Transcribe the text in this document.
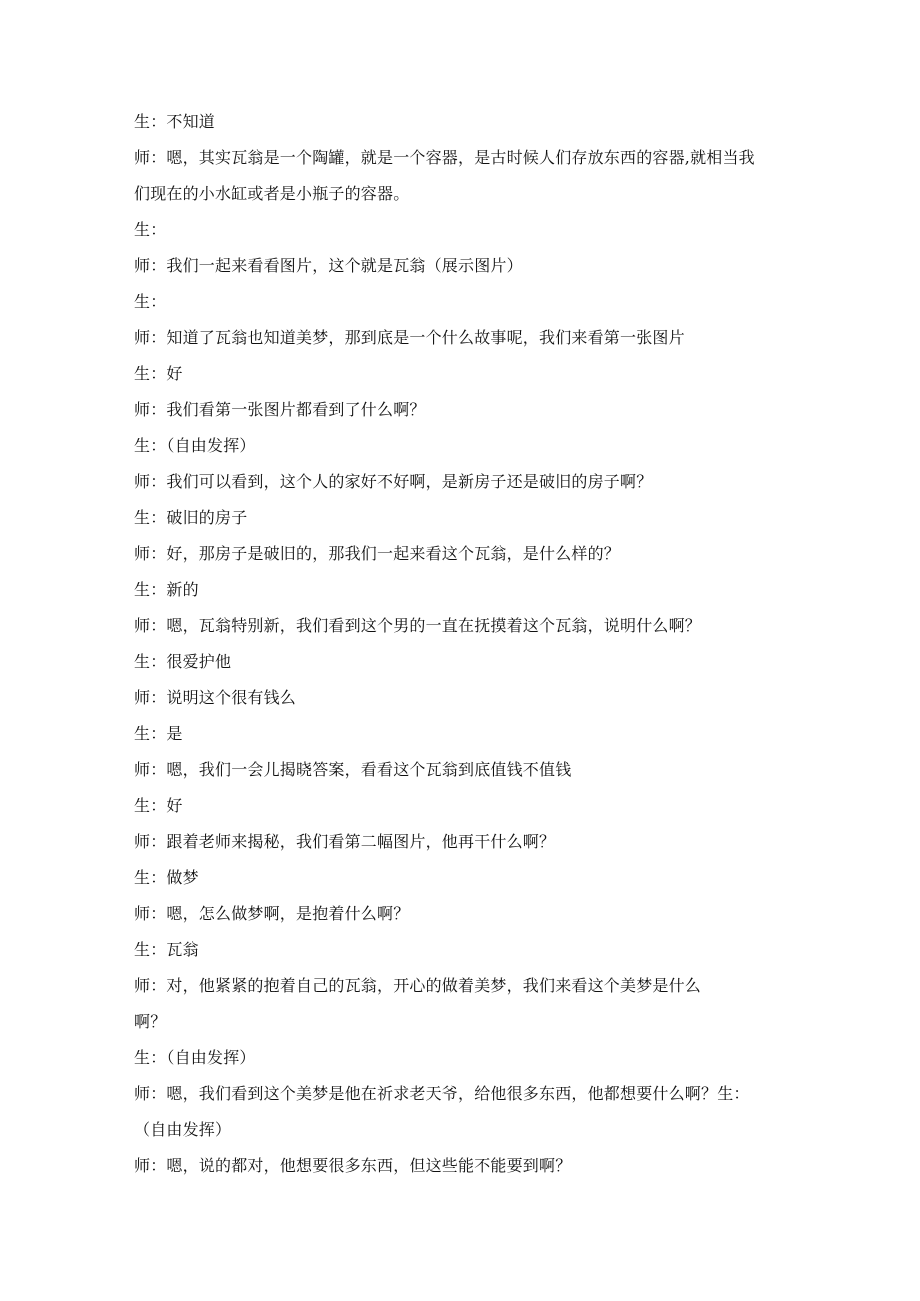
生：不知道
师：嗯，其实瓦翁是一个陶罐，就是一个容器，是古时候人们存放东西的容器,就相当我
们现在的小水缸或者是小瓶子的容器。
生：
师：我们一起来看看图片，这个就是瓦翁（展示图片）
生：
师：知道了瓦翁也知道美梦，那到底是一个什么故事呢，我们来看第一张图片
生：好
师：我们看第一张图片都看到了什么啊？
生：（自由发挥）
师：我们可以看到，这个人的家好不好啊，是新房子还是破旧的房子啊？
生：破旧的房子
师：好，那房子是破旧的，那我们一起来看这个瓦翁，是什么样的？
生：新的
师：嗯，瓦翁特别新，我们看到这个男的一直在抚摸着这个瓦翁，说明什么啊？
生：很爱护他
师：说明这个很有钱么
生：是
师：嗯，我们一会儿揭晓答案，看看这个瓦翁到底值钱不值钱
生：好
师：跟着老师来揭秘，我们看第二幅图片，他再干什么啊？
生：做梦
师：嗯，怎么做梦啊，是抱着什么啊？
生：瓦翁
师：对，他紧紧的抱着自己的瓦翁，开心的做着美梦，我们来看这个美梦是什么
啊？
生：（自由发挥）
师：嗯，我们看到这个美梦是他在祈求老天爷，给他很多东西，他都想要什么啊？生：
（自由发挥）
师：嗯，说的都对，他想要很多东西，但这些能不能要到啊？
